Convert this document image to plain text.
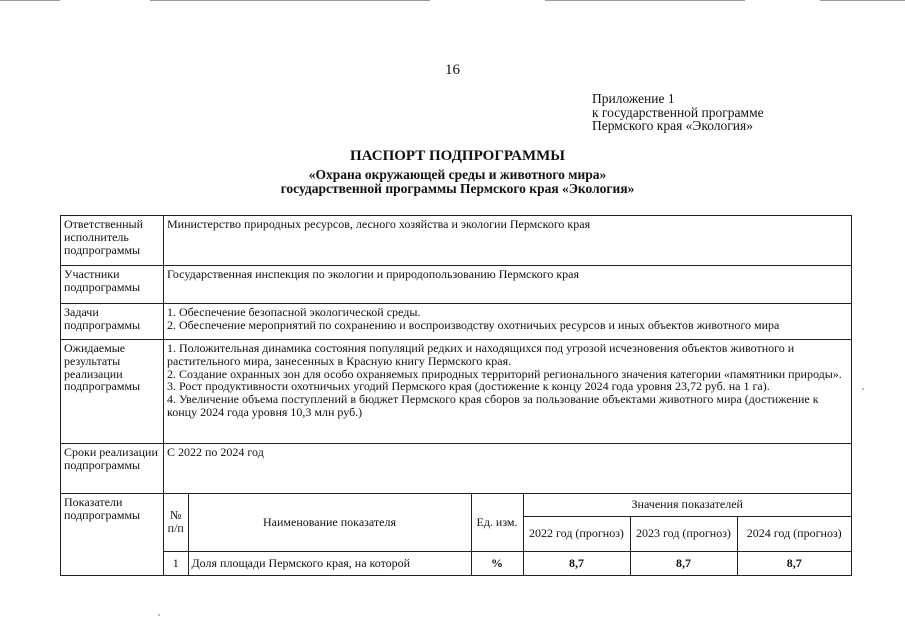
16
Приложение 1
к государственной программе
Пермского края «Экология»
ПАСПОРТ ПОДПРОГРАММЫ
«Охрана окружающей среды и животного мира»
государственной программы Пермского края «Экология»
Ответственный исполнитель подпрограммы	
Министерство природных ресурсов, лесного хозяйства и экологии Пермского края

Участники подпрограммы	
Государственная инспекция по экологии и природопользованию Пермского края

Задачи подпрограммы	
1. Обеспечение безопасной экологической среды.
2. Обеспечение мероприятий по сохранению и воспроизводству охотничьих ресурсов и иных объектов животного мира

Ожидаемые результаты реализации подпрограммы	
1. Положительная динамика состояния популяций редких и находящихся под угрозой исчезновения объектов животного и растительного мира, занесенных в Красную книгу Пермского края.
2. Создание охранных зон для особо охраняемых природных территорий регионального значения категории «памятники природы».
3. Рост продуктивности охотничьих угодий Пермского края (достижение к концу 2024 года уровня 23,72 руб. на 1 га).
4. Увеличение объема поступлений в бюджет Пермского края сборов за пользование объектами животного мира (достижение к концу 2024 года уровня 10,3 млн руб.)

Сроки реализации подпрограммы	
С 2022 по 2024 год

Показатели подпрограммы	№ п/п	Наименование показателя	Ед. изм.	Значения показателей
2022 год (прогноз)	2023 год (прогноз)	2024 год (прогноз)
1	Доля площади Пермского края, на которой	%	8,7	8,7	8,7
